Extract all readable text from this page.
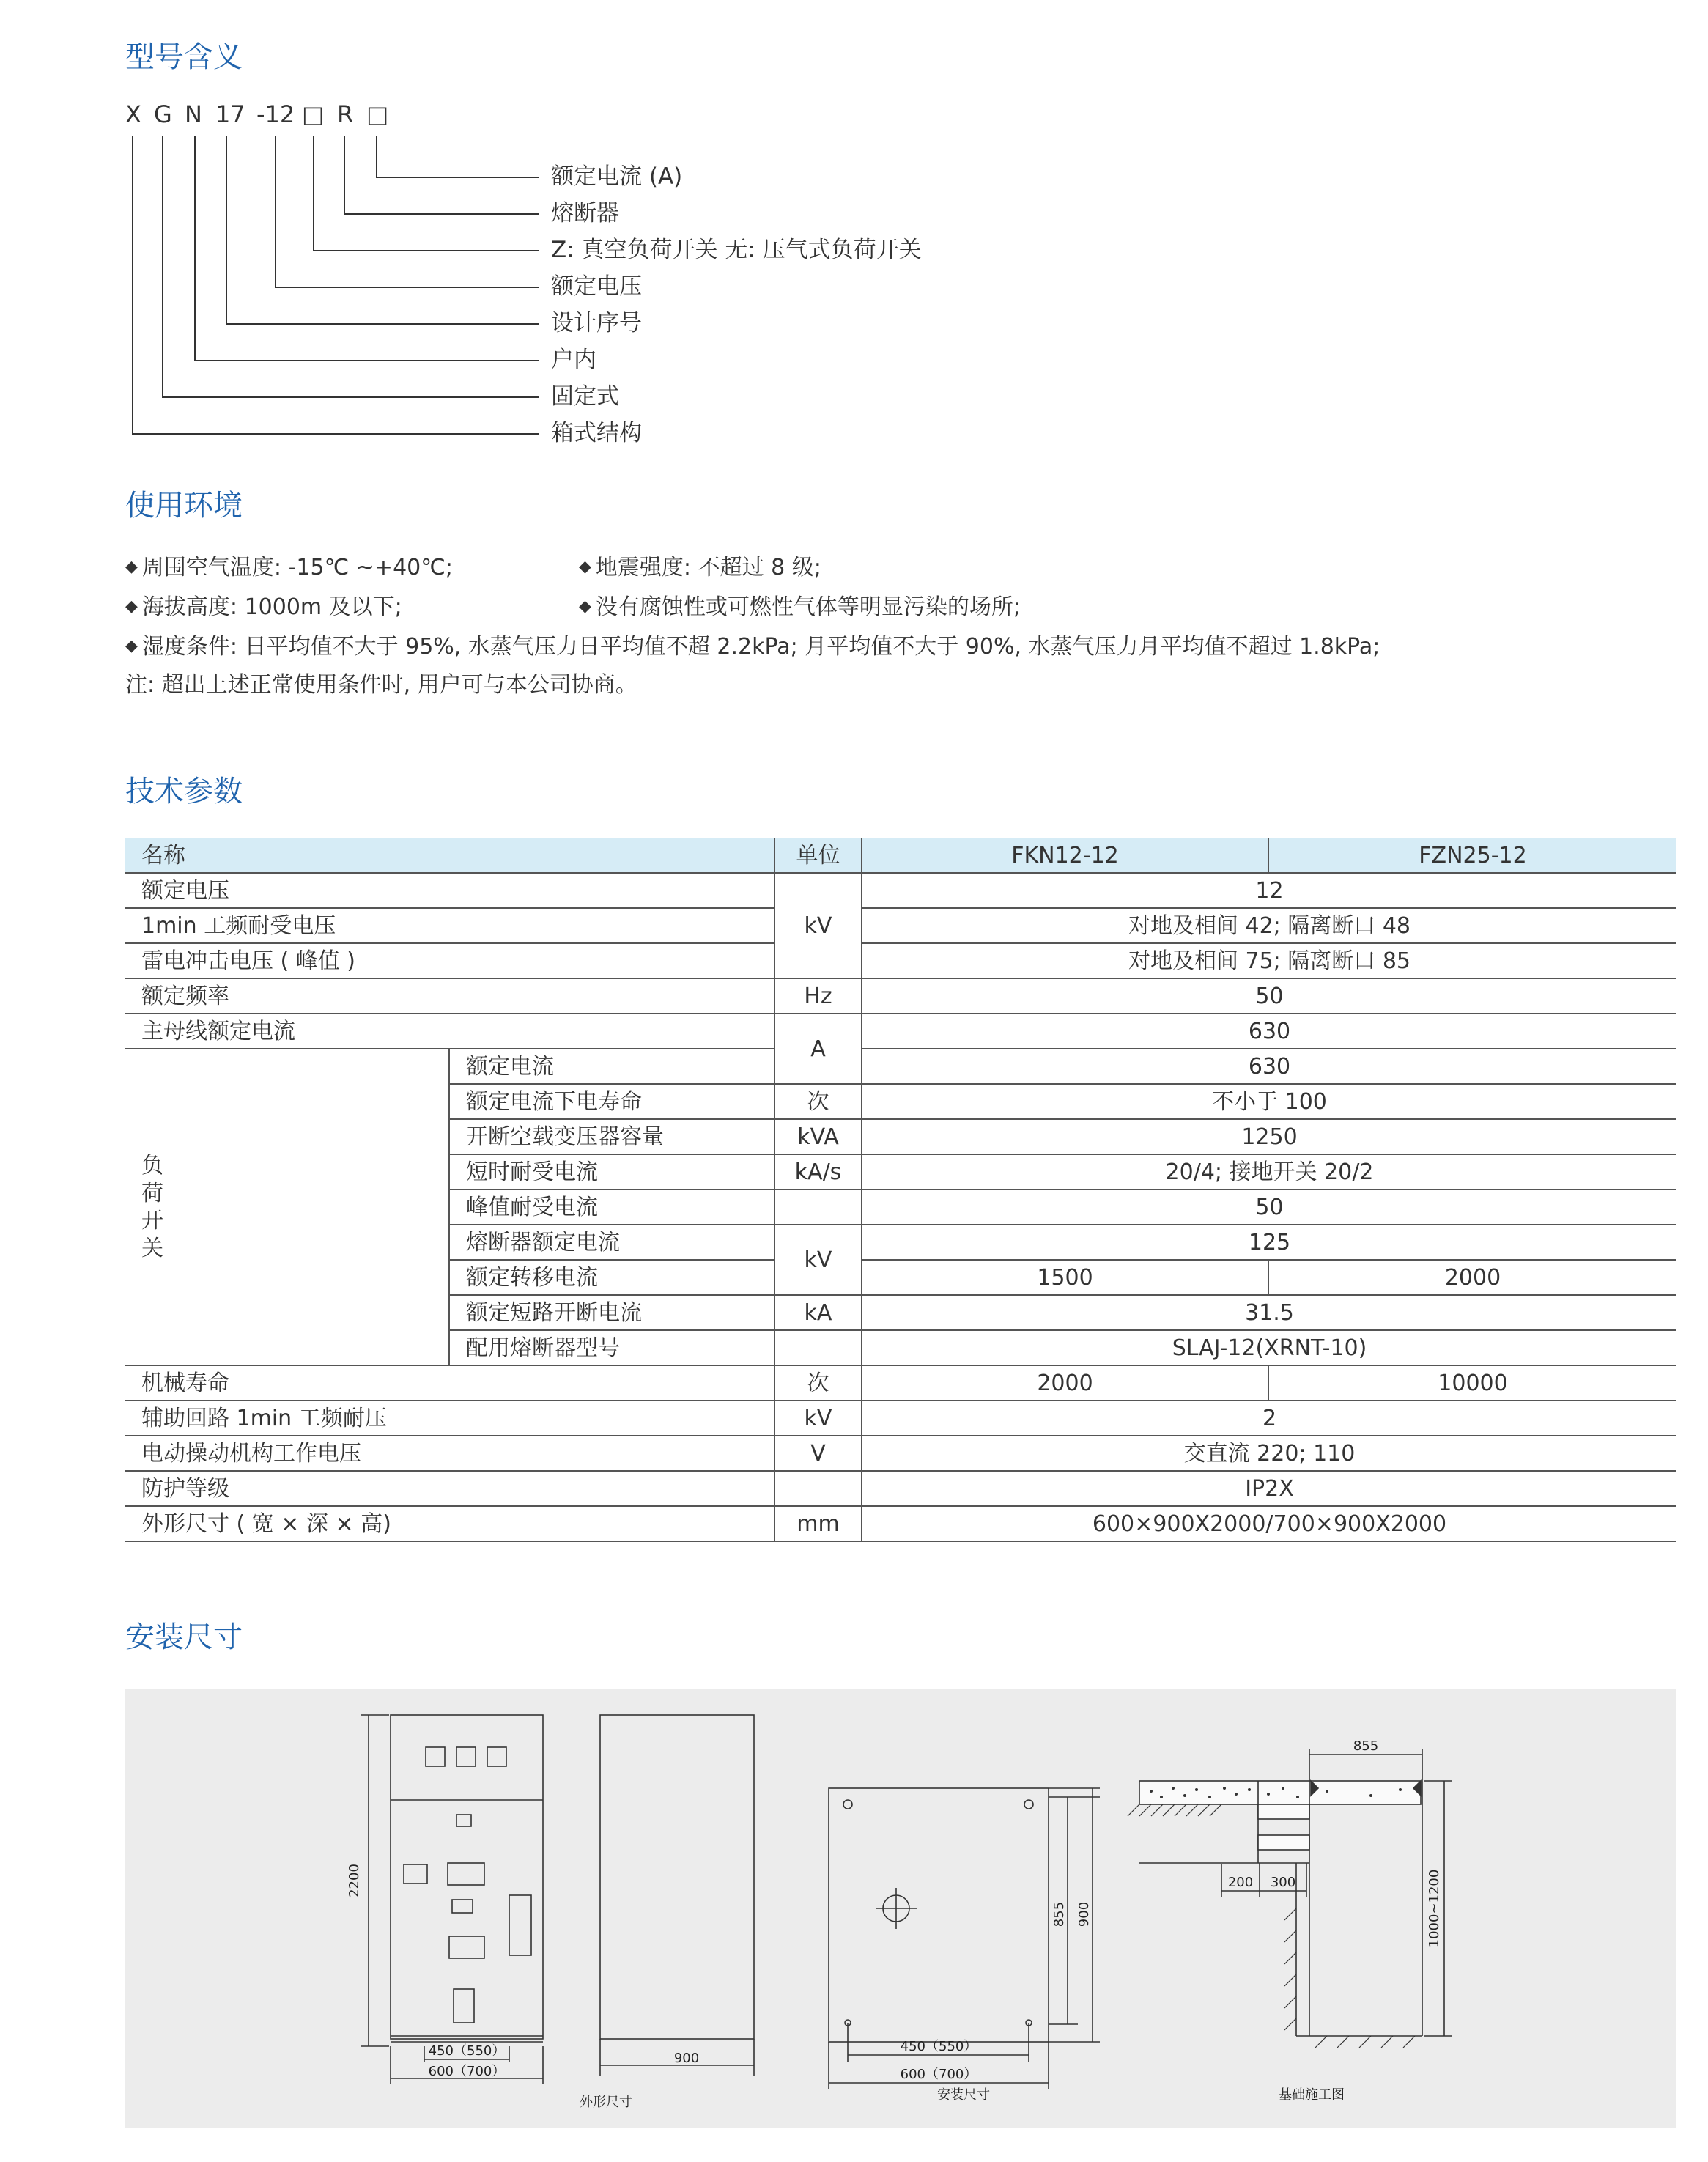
型号含义
X G N 17 -12 □ R □
额定电流 (A)
熔断器
Z: 真空负荷开关 无: 压气式负荷开关
额定电压
设计序号
户内
固定式
箱式结构
使用环境
◆ 周围空气温度: -15℃ ~+40℃;	◆ 地震强度: 不超过 8 级;
◆ 海拔高度: 1000m 及以下;	◆ 没有腐蚀性或可燃性气体等明显污染的场所;
◆ 湿度条件: 日平均值不大于 95%, 水蒸气压力日平均值不超 2.2kPa; 月平均值不大于 90%, 水蒸气压力月平均值不超过 1.8kPa;
注: 超出上述正常使用条件时, 用户可与本公司协商。
技术参数
名称		单位	FKN12-12	FZN25-12
额定电压		kV	12	
1min 工频耐受电压			对地及相间 42; 隔离断口 48	
雷电冲击电压 ( 峰值 )			对地及相间 75; 隔离断口 85	
额定频率		Hz	50	
主母线额定电流		A	630	
负
荷
开
关	额定电流		630	
	额定电流下电寿命	次	不小于 100	
	开断空载变压器容量	kVA	1250	
	短时耐受电流	kA/s	20/4; 接地开关 20/2	
	峰值耐受电流		50	
	熔断器额定电流	kV	125	
	额定转移电流		1500	2000
	额定短路开断电流	kA	31.5	
	配用熔断器型号		SLAJ-12(XRNT-10)	
机械寿命		次	2000	10000
辅助回路 1min 工频耐压		kV	2	
电动操动机构工作电压		V	交直流 220; 110	
防护等级			IP2X	
外形尺寸 ( 宽 × 深 × 高)		mm	600×900X2000/700×900X2000	
安装尺寸
2200
450（550）
600（700）
900
855 900
450（550）
600（700）
855
200 300	1000~1200
外形尺寸	安装尺寸	基础施工图
